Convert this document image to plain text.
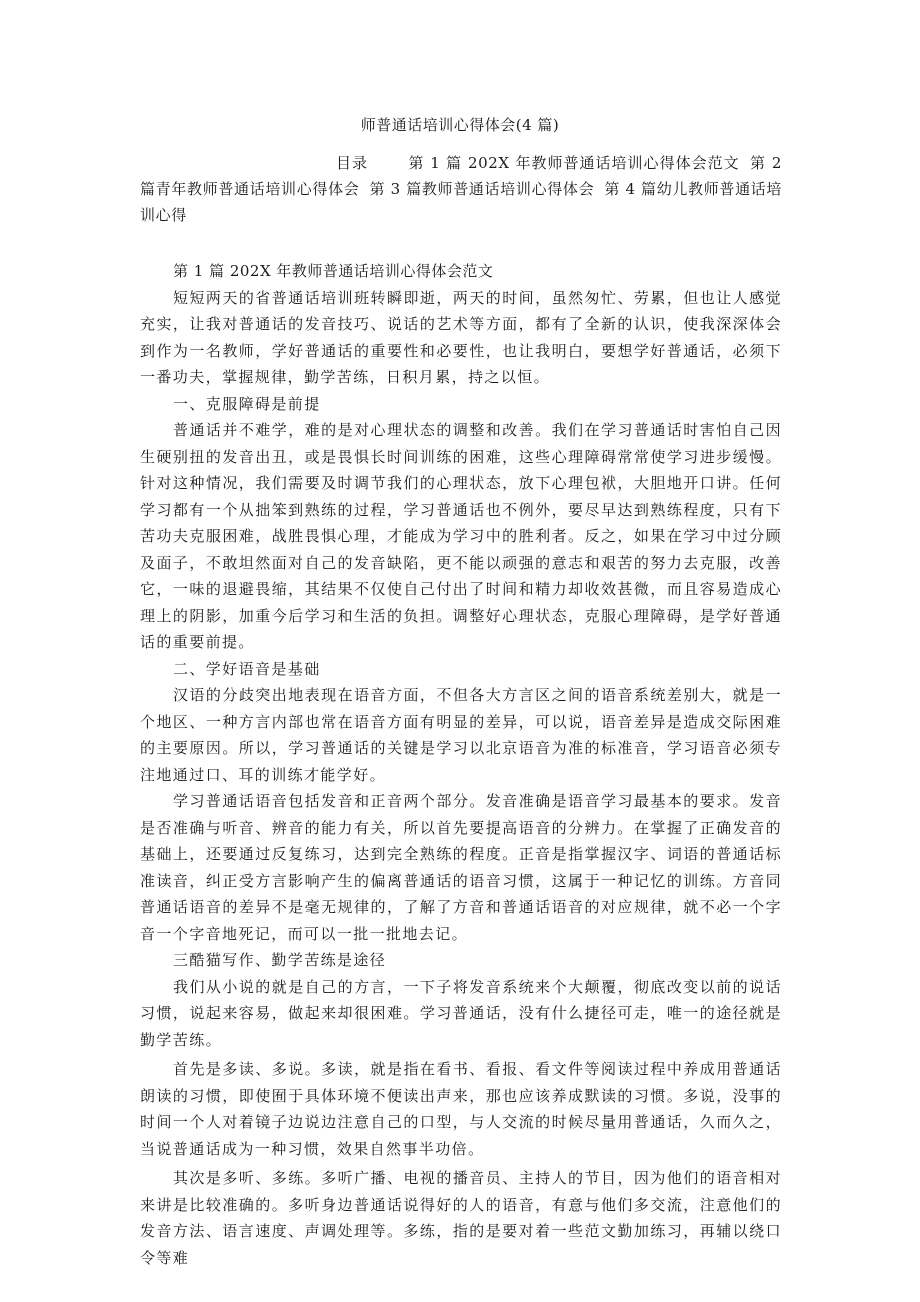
师普通话培训心得体会(4 篇)
目录	第 1 篇 202X 年教师普通话培训心得体会范文 第 2 篇青年教师普通话培训心得体会 第 3 篇教师普通话培训心得体会 第 4 篇幼儿教师普通话培训心得

第 1 篇 202X 年教师普通话培训心得体会范文

短短两天的省普通话培训班转瞬即逝，两天的时间，虽然匆忙、劳累，但也让人感觉充实，让我对普通话的发音技巧、说话的艺术等方面，都有了全新的认识，使我深深体会到作为一名教师，学好普通话的重要性和必要性，也让我明白，要想学好普通话，必须下一番功夫，掌握规律，勤学苦练，日积月累，持之以恒。

一、克服障碍是前提

普通话并不难学，难的是对心理状态的调整和改善。我们在学习普通话时害怕自己因生硬别扭的发音出丑，或是畏惧长时间训练的困难，这些心理障碍常常使学习进步缓慢。针对这种情况，我们需要及时调节我们的心理状态，放下心理包袱，大胆地开口讲。任何学习都有一个从拙笨到熟练的过程，学习普通话也不例外，要尽早达到熟练程度，只有下苦功夫克服困难，战胜畏惧心理，才能成为学习中的胜利者。反之，如果在学习中过分顾及面子，不敢坦然面对自己的发音缺陷，更不能以顽强的意志和艰苦的努力去克服，改善它，一味的退避畏缩，其结果不仅使自己付出了时间和精力却收效甚微，而且容易造成心理上的阴影，加重今后学习和生活的负担。调整好心理状态，克服心理障碍，是学好普通话的重要前提。

二、学好语音是基础

汉语的分歧突出地表现在语音方面，不但各大方言区之间的语音系统差别大，就是一个地区、一种方言内部也常在语音方面有明显的差异，可以说，语音差异是造成交际困难的主要原因。所以，学习普通话的关键是学习以北京语音为准的标准音，学习语音必须专注地通过口、耳的训练才能学好。

学习普通话语音包括发音和正音两个部分。发音准确是语音学习最基本的要求。发音是否准确与听音、辨音的能力有关，所以首先要提高语音的分辨力。在掌握了正确发音的基础上，还要通过反复练习，达到完全熟练的程度。正音是指掌握汉字、词语的普通话标准读音，纠正受方言影响产生的偏离普通话的语音习惯，这属于一种记忆的训练。方音同普通话语音的差异不是毫无规律的，了解了方音和普通话语音的对应规律，就不必一个字音一个字音地死记，而可以一批一批地去记。

三酷猫写作、勤学苦练是途径

我们从小说的就是自己的方言，一下子将发音系统来个大颠覆，彻底改变以前的说话习惯，说起来容易，做起来却很困难。学习普通话，没有什么捷径可走，唯一的途径就是勤学苦练。

首先是多读、多说。多读，就是指在看书、看报、看文件等阅读过程中养成用普通话朗读的习惯，即使囿于具体环境不便读出声来，那也应该养成默读的习惯。多说，没事的时间一个人对着镜子边说边注意自己的口型，与人交流的时候尽量用普通话，久而久之，当说普通话成为一种习惯，效果自然事半功倍。

其次是多听、多练。多听广播、电视的播音员、主持人的节目，因为他们的语音相对来讲是比较准确的。多听身边普通话说得好的人的语音，有意与他们多交流，注意他们的发音方法、语言速度、声调处理等。多练，指的是要对着一些范文勤加练习，再辅以绕口令等难
